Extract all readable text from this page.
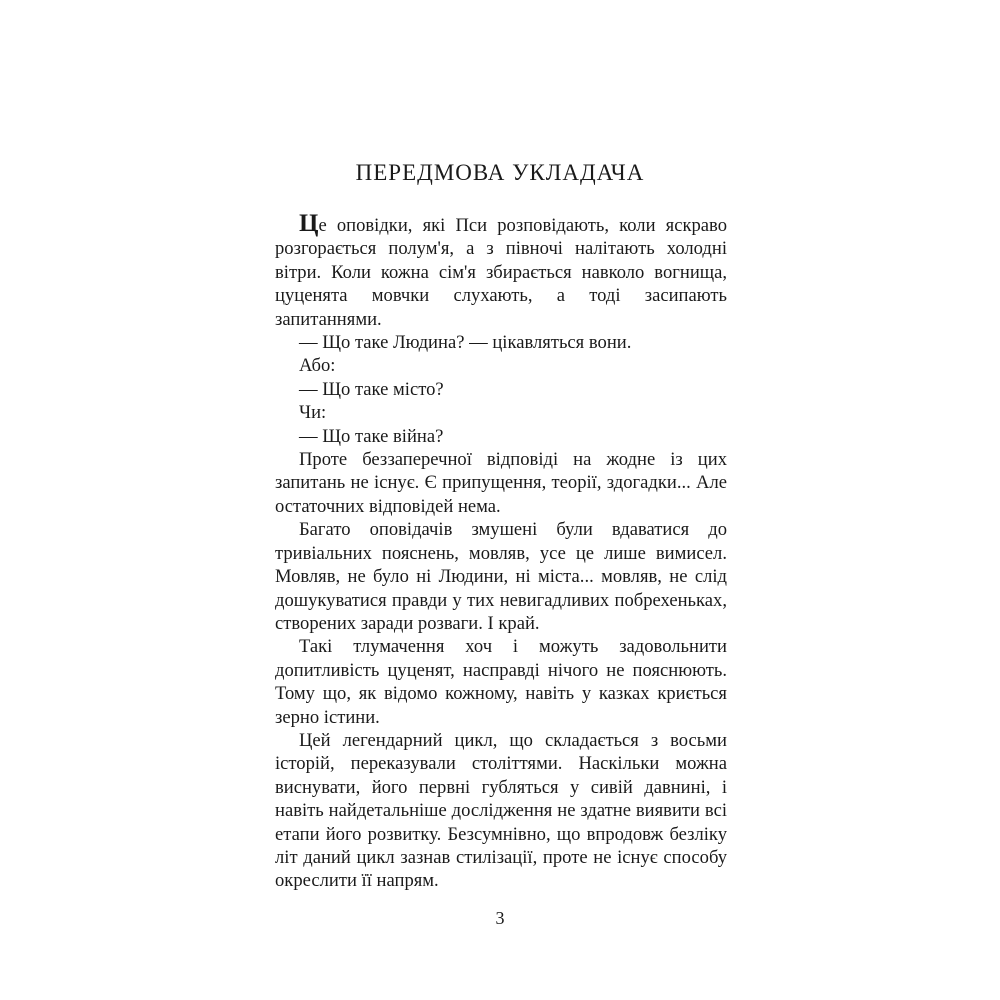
ПЕРЕДМОВА УКЛАДАЧА

Це оповідки, які Пси розповідають, коли яскраво розгорається полум'я, а з півночі налітають холодні вітри. Коли кожна сім'я збирається навколо вогнища, цуценята мовчки слухають, а тоді засипають запитаннями.

— Що таке Людина? — цікавляться вони.

Або:

— Що таке місто?

Чи:

— Що таке війна?

Проте беззаперечної відповіді на жодне із цих запитань не існує. Є припущення, теорії, здогадки... Але остаточних відповідей нема.

Багато оповідачів змушені були вдаватися до тривіальних пояснень, мовляв, усе це лише вимисел. Мовляв, не було ні Людини, ні міста... мовляв, не слід дошукуватися правди у тих невигадливих побрехеньках, створених заради розваги. І край.

Такі тлумачення хоч і можуть задовольнити допитливість цуценят, насправді нічого не пояснюють. Тому що, як відомо кожному, навіть у казках криється зерно істини.

Цей легендарний цикл, що складається з восьми історій, переказували століттями. Наскільки можна виснувати, його первні губляться у сивій давнині, і навіть найдетальніше дослідження не здатне виявити всі етапи його розвитку. Безсумнівно, що впродовж безліку літ даний цикл зазнав стилізації, проте не існує способу окреслити її напрям.

3
